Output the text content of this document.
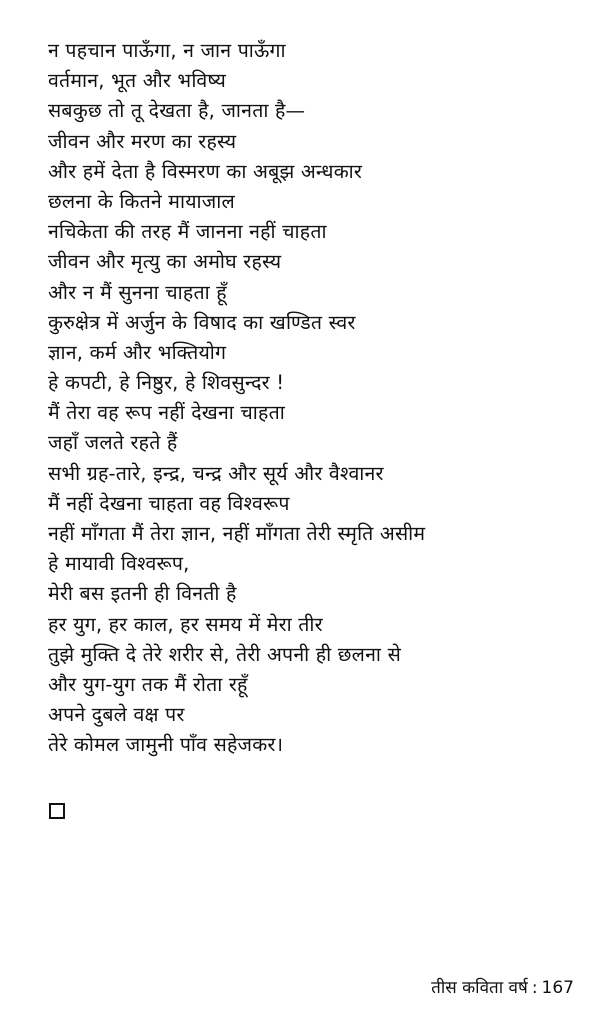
न पहचान पाऊँगा, न जान पाऊँगा
वर्तमान, भूत और भविष्य
सबकुछ तो तू देखता है, जानता है—
जीवन और मरण का रहस्य
और हमें देता है विस्मरण का अबूझ अन्धकार
छलना के कितने मायाजाल
नचिकेता की तरह मैं जानना नहीं चाहता
जीवन और मृत्यु का अमोघ रहस्य
और न मैं सुनना चाहता हूँ
कुरुक्षेत्र में अर्जुन के विषाद का खण्डित स्वर
ज्ञान, कर्म और भक्तियोग
हे कपटी, हे निष्ठुर, हे शिवसुन्दर !
मैं तेरा वह रूप नहीं देखना चाहता
जहाँ जलते रहते हैं
सभी ग्रह-तारे, इन्द्र, चन्द्र और सूर्य और वैश्वानर
मैं नहीं देखना चाहता वह विश्वरूप
नहीं माँगता मैं तेरा ज्ञान, नहीं माँगता तेरी स्मृति असीम
हे मायावी विश्वरूप,
मेरी बस इतनी ही विनती है
हर युग, हर काल, हर समय में मेरा तीर
तुझे मुक्ति दे तेरे शरीर से, तेरी अपनी ही छलना से
और युग-युग तक मैं रोता रहूँ
अपने दुबले वक्ष पर
तेरे कोमल जामुनी पाँव सहेजकर।
तीस कविता वर्ष : 167
